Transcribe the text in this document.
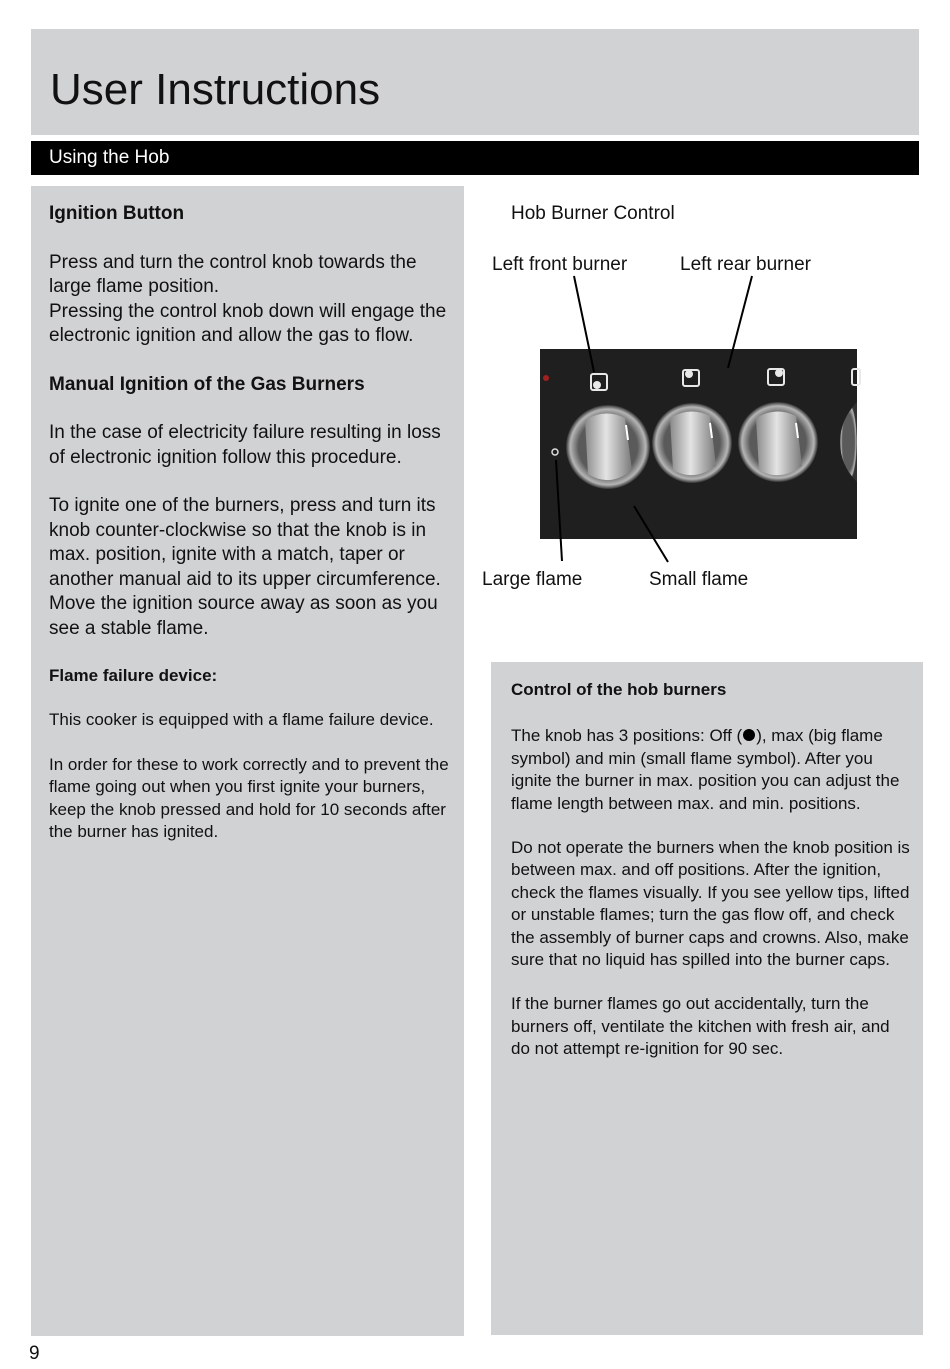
User Instructions
Using the Hob

Ignition Button

Press and turn the control knob towards the large flame position.

Pressing the control knob down will engage the electronic ignition and allow the gas to flow.

Manual Ignition of the Gas Burners

In the case of electricity failure resulting in loss of electronic ignition follow this procedure.

To ignite one of the burners, press and turn its knob counter-clockwise so that the knob is in max. position, ignite with a match, taper or another manual aid to its upper circumference. Move the ignition source away as soon as you see a stable flame.

Flame failure device:

This cooker is equipped with a flame failure device.

In order for these to work correctly and to prevent the flame going out when you first ignite your burners, keep the knob pressed and hold for 10 seconds after the burner has ignited.

Hob Burner Control
Left front burner	Left rear burner
Large flame	Small flame

Control of the hob burners

The knob has 3 positions: Off ( ), max (big flame symbol) and min (small flame symbol). After you ignite the burner in max. position you can adjust the flame length between max. and min. positions.

Do not operate the burners when the knob position is between max. and off positions. After the ignition, check the flames visually. If you see yellow tips, lifted or unstable flames; turn the gas flow off, and check the assembly of burner caps and crowns. Also, make sure that no liquid has spilled into the burner caps.

If the burner flames go out accidentally, turn the burners off, ventilate the kitchen with fresh air, and do not attempt re-ignition for 90 sec.

9
